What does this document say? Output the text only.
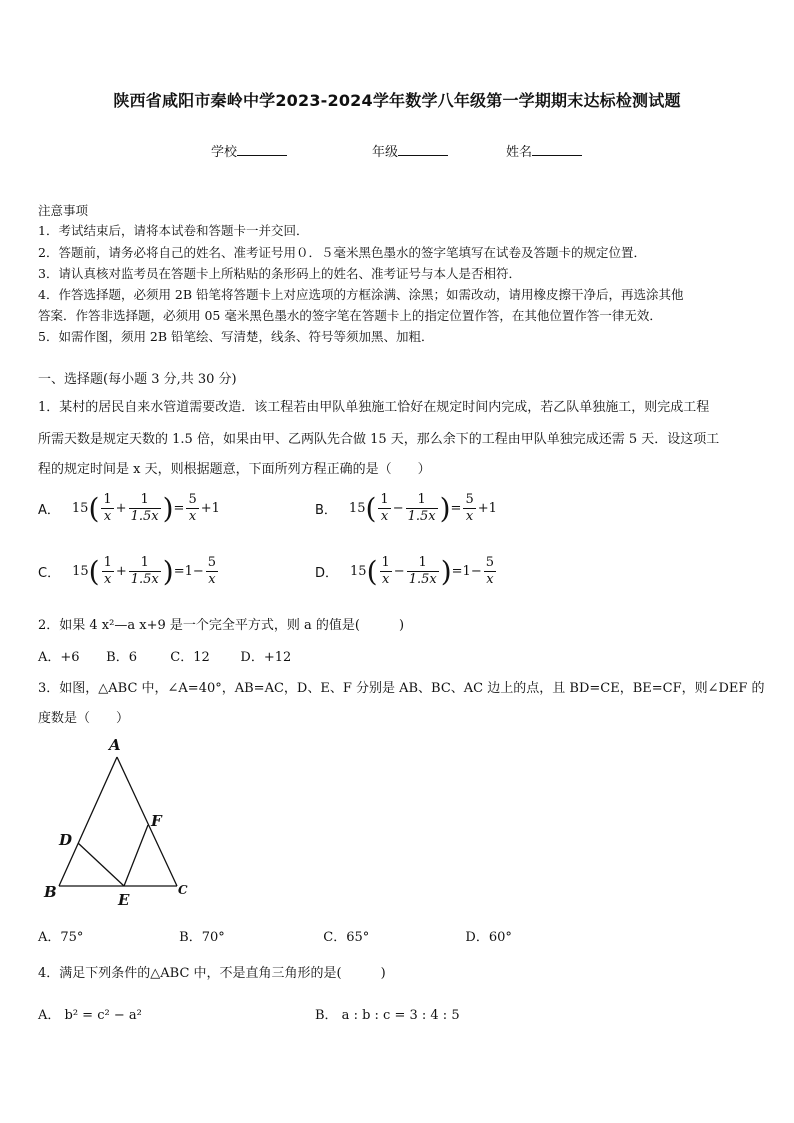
陕西省咸阳市秦岭中学2023-2024学年数学八年级第一学期期末达标检测试题
学校	年级	姓名
注意事项
1．考试结束后，请将本试卷和答题卡一并交回．
2．答题前，请务必将自己的姓名、准考证号用０．５毫米黑色墨水的签字笔填写在试卷及答题卡的规定位置．
3．请认真核对监考员在答题卡上所粘贴的条形码上的姓名、准考证号与本人是否相符．
4．作答选择题，必须用 2B 铅笔将答题卡上对应选项的方框涂满、涂黑；如需改动，请用橡皮擦干净后，再选涂其他
答案．作答非选择题，必须用 05 毫米黑色墨水的签字笔在答题卡上的指定位置作答，在其他位置作答一律无效．
5．如需作图，须用 2B 铅笔绘、写清楚，线条、符号等须加黑、加粗．
一、选择题(每小题 3 分,共 30 分)
1．某村的居民自来水管道需要改造．该工程若由甲队单独施工恰好在规定时间内完成，若乙队单独施工，则完成工程
所需天数是规定天数的 1.5 倍，如果由甲、乙两队先合做 15 天，那么余下的工程由甲队单独完成还需 5 天．设这项工
程的规定时间是 x 天，则根据题意，下面所列方程正确的是（　　）
A． 15 ( $\frac{1}{x} + \frac{1}{1.5x}$ ) = $\frac{5}{x} +1$	B． 15 ( $\frac{1}{x} - \frac{1}{1.5x}$ ) = $\frac{5}{x} +1$
C． 15 ( $\frac{1}{x} + \frac{1}{1.5x}$ ) = $1- \frac{5}{x}$	D． 15 ( $\frac{1}{x} - \frac{1}{1.5x}$ ) = $1- \frac{5}{x}$
2．如果 4 x²—a x+9 是一个完全平方式，则 a 的值是(　　　)
A．+6 B．6	C．12 D．+12
3．如图，△ABC 中，∠A=40°，AB=AC，D、E、F 分别是 AB、BC、AC 边上的点，且 BD=CE，BE=CF，则∠DEF 的
度数是（　　）
A
B	C
D
E
F
A．75°	B．70°	C．65°	D．60°
4．满足下列条件的△ABC 中，不是直角三角形的是(　　　)
A． b² = c² − a²	B． a : b : c = 3 : 4 : 5
